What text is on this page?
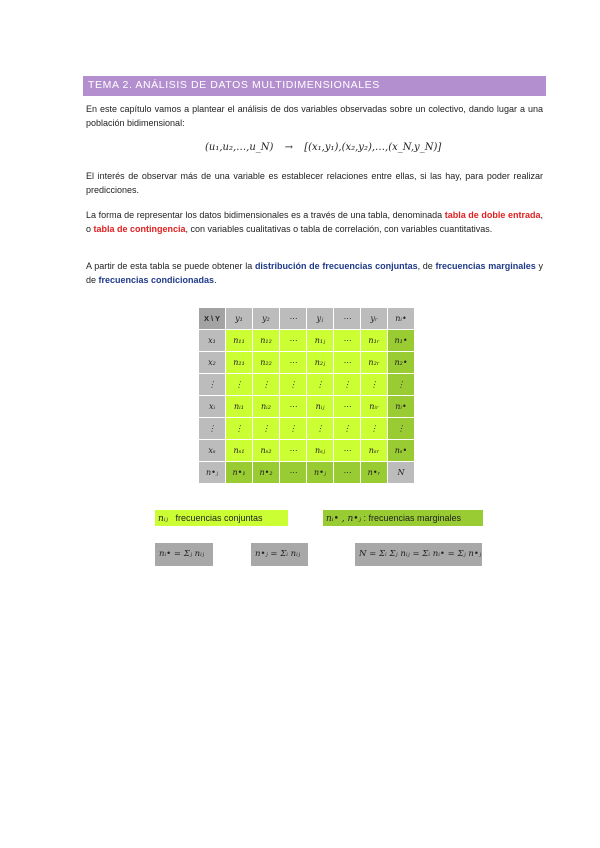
TEMA 2. ANÁLISIS DE DATOS MULTIDIMENSIONALES

En este capítulo vamos a plantear el análisis de dos variables observadas sobre un colectivo, dando lugar a una población bidimensional:

(u₁,u₂,…,u_N) → [(x₁,y₁),(x₂,y₂),…,(x_N,y_N)]

El interés de observar más de una variable es establecer relaciones entre ellas, si las hay, para poder realizar predicciones.

La forma de representar los datos bidimensionales es a través de una tabla, denominada tabla de doble entrada, o tabla de contingencia, con variables cualitativas o tabla de correlación, con variables cuantitativas.

A partir de esta tabla se puede obtener la distribución de frecuencias conjuntas, de frecuencias marginales y de frecuencias condicionadas.

X \ Y	y₁	y₂	⋯	yⱼ	⋯	yᵣ	nᵢ•
x₁	n₁₁	n₁₂	⋯	n₁ⱼ	⋯	n₁ᵣ	n₁•
x₂	n₂₁	n₂₂	⋯	n₂ⱼ	⋯	n₂ᵣ	n₂•
⋮	⋮	⋮	⋮	⋮	⋮	⋮	⋮
xᵢ	nᵢ₁	nᵢ₂	⋯	nᵢⱼ	⋯	nᵢᵣ	nᵢ•
⋮	⋮	⋮	⋮	⋮	⋮	⋮	⋮
xₛ	nₛ₁	nₛ₂	⋯	nₛⱼ	⋯	nₛᵣ	nₛ•
n•ⱼ	n•₁	n•₂	⋯	n•ⱼ	⋯	n•ᵣ	N
nᵢⱼ frecuencias conjuntas	nᵢ• , n•ⱼ : frecuencias marginales
nᵢ• = Σⱼ nᵢⱼ	n•ⱼ = Σᵢ nᵢⱼ	N = Σᵢ Σⱼ nᵢⱼ = Σᵢ nᵢ• = Σⱼ n•ⱼ
